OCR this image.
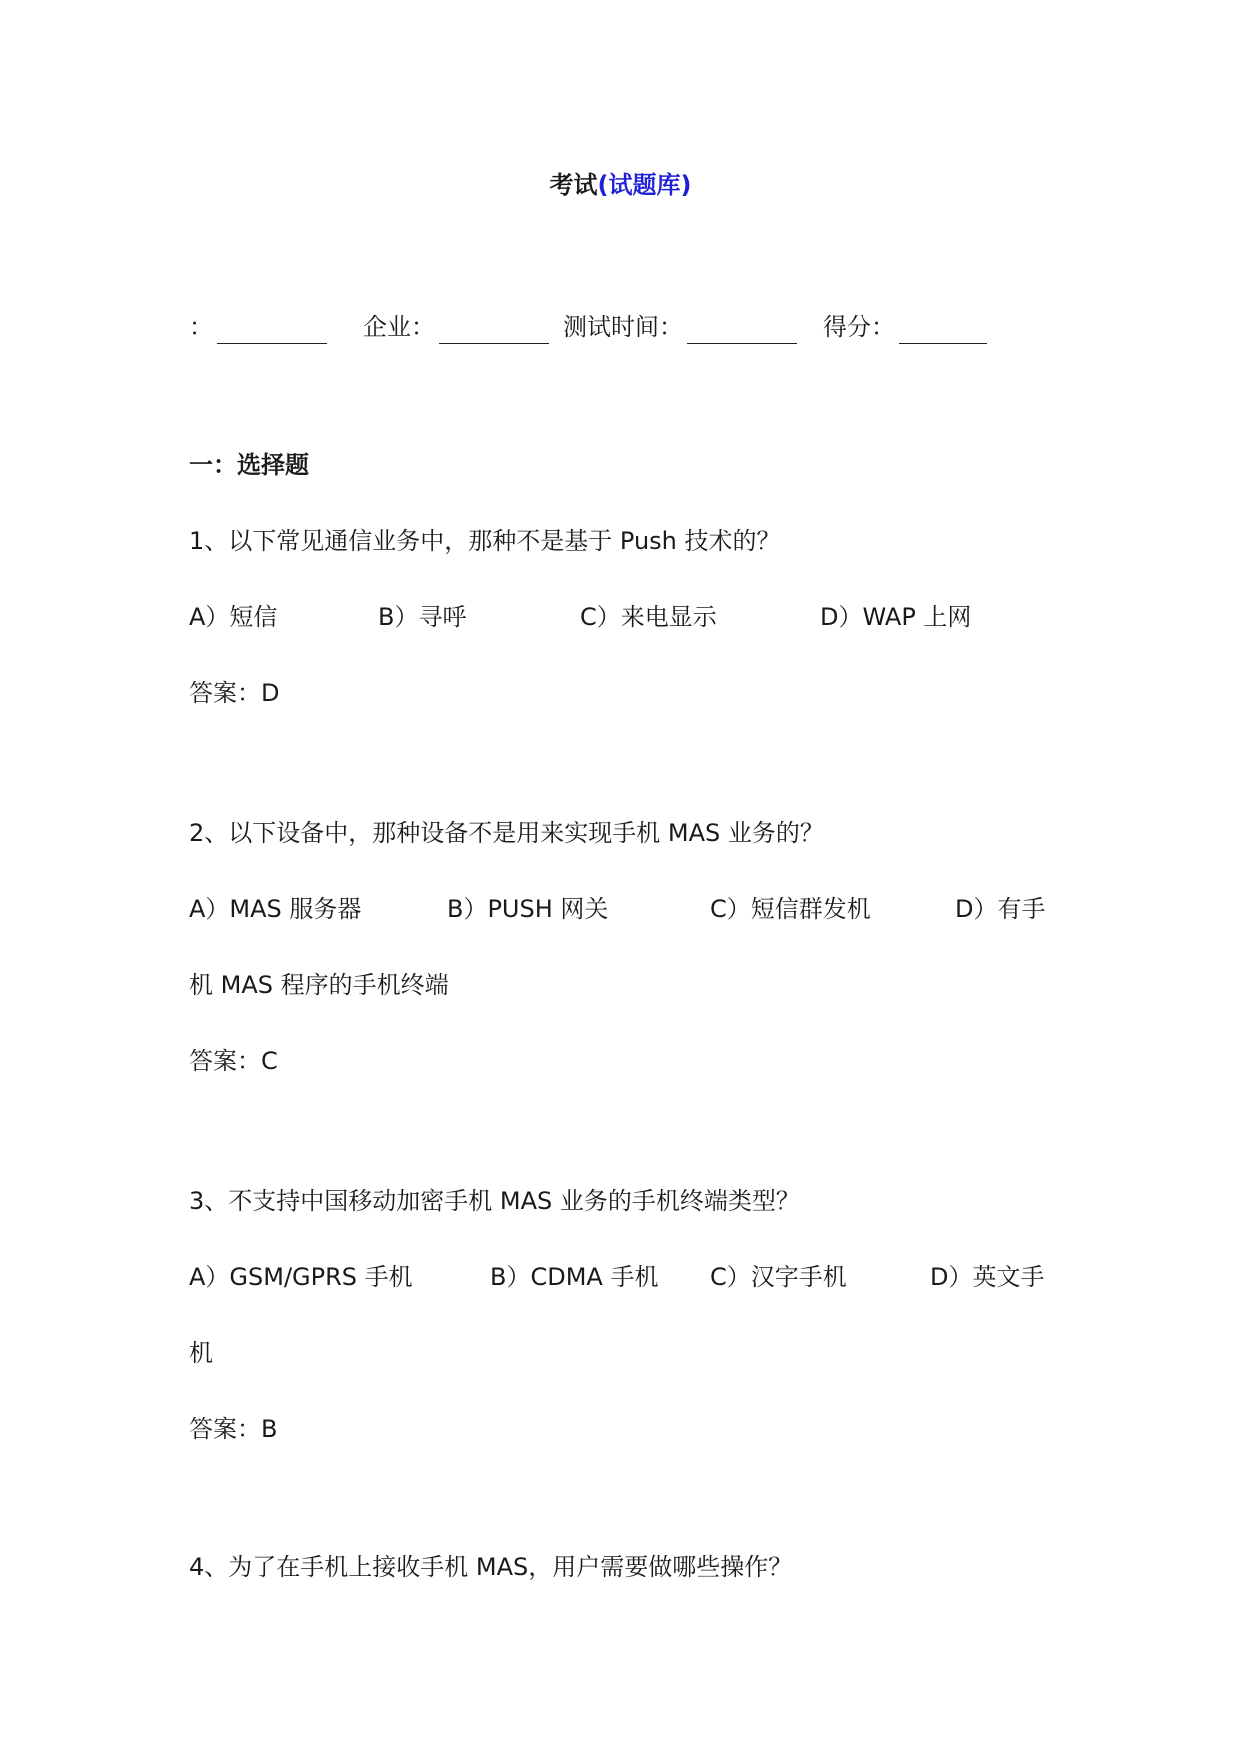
考试(试题库)
：	企业：	测试时间：	得分：
一：选择题
1、以下常见通信业务中，那种不是基于 Push 技术的？
A）短信	B）寻呼	C）来电显示	D）WAP 上网
答案：D
2、以下设备中，那种设备不是用来实现手机 MAS 业务的？
A）MAS 服务器	B）PUSH 网关	C）短信群发机	D）有手
机 MAS 程序的手机终端
答案：C
3、不支持中国移动加密手机 MAS 业务的手机终端类型？
A）GSM/GPRS 手机	B）CDMA 手机 C）汉字手机	D）英文手
机
答案：B
4、为了在手机上接收手机 MAS，用户需要做哪些操作？
